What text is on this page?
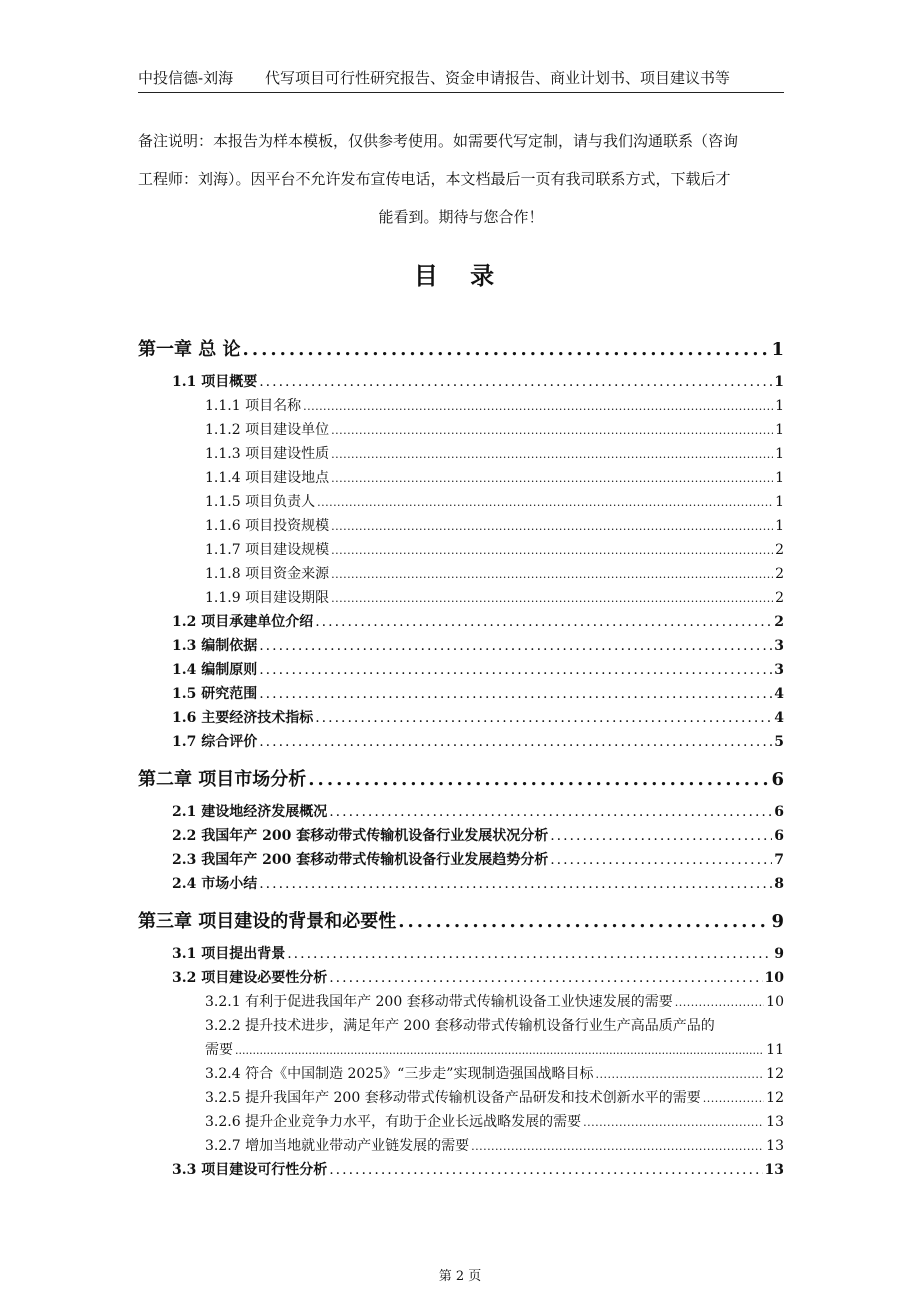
中投信德-刘海 代写项目可行性研究报告、资金申请报告、商业计划书、项目建议书等

备注说明：本报告为样本模板，仅供参考使用。如需要代写定制，请与我们沟通联系（咨询

工程师：刘海）。因平台不允许发布宣传电话，本文档最后一页有我司联系方式，下载后才

能看到。期待与您合作！

目 录
第一章 总 论 .....	1
1.1 项目概要 .....	1
1.1.1 项目名称 .....	1
1.1.2 项目建设单位 .....	1
1.1.3 项目建设性质 .....	1
1.1.4 项目建设地点 .....	1
1.1.5 项目负责人 .....	1
1.1.6 项目投资规模 .....	1
1.1.7 项目建设规模 .....	2
1.1.8 项目资金来源 .....	2
1.1.9 项目建设期限 .....	2
1.2 项目承建单位介绍 .....	2
1.3 编制依据 .....	3
1.4 编制原则 .....	3
1.5 研究范围 .....	4
1.6 主要经济技术指标 .....	4
1.7 综合评价 .....	5
第二章 项目市场分析 .....	6
2.1 建设地经济发展概况 .....	6
2.2 我国年产 200 套移动带式传输机设备行业发展状况分析 .....	6
2.3 我国年产 200 套移动带式传输机设备行业发展趋势分析 .....	7
2.4 市场小结 .....	8
第三章 项目建设的背景和必要性 .....	9
3.1 项目提出背景 .....	9
3.2 项目建设必要性分析 .....	10
3.2.1 有利于促进我国年产 200 套移动带式传输机设备工业快速发展的需要 .....	10
3.2.2 提升技术进步，满足年产 200 套移动带式传输机设备行业生产高品质产品的
需要 .....	11
3.2.4 符合《中国制造 2025》“三步走”实现制造强国战略目标 .....	12
3.2.5 提升我国年产 200 套移动带式传输机设备产品研发和技术创新水平的需要 .....	12
3.2.6 提升企业竞争力水平，有助于企业长远战略发展的需要 .....	13
3.2.7 增加当地就业带动产业链发展的需要 .....	13
3.3 项目建设可行性分析 .....	13
第 2 页
